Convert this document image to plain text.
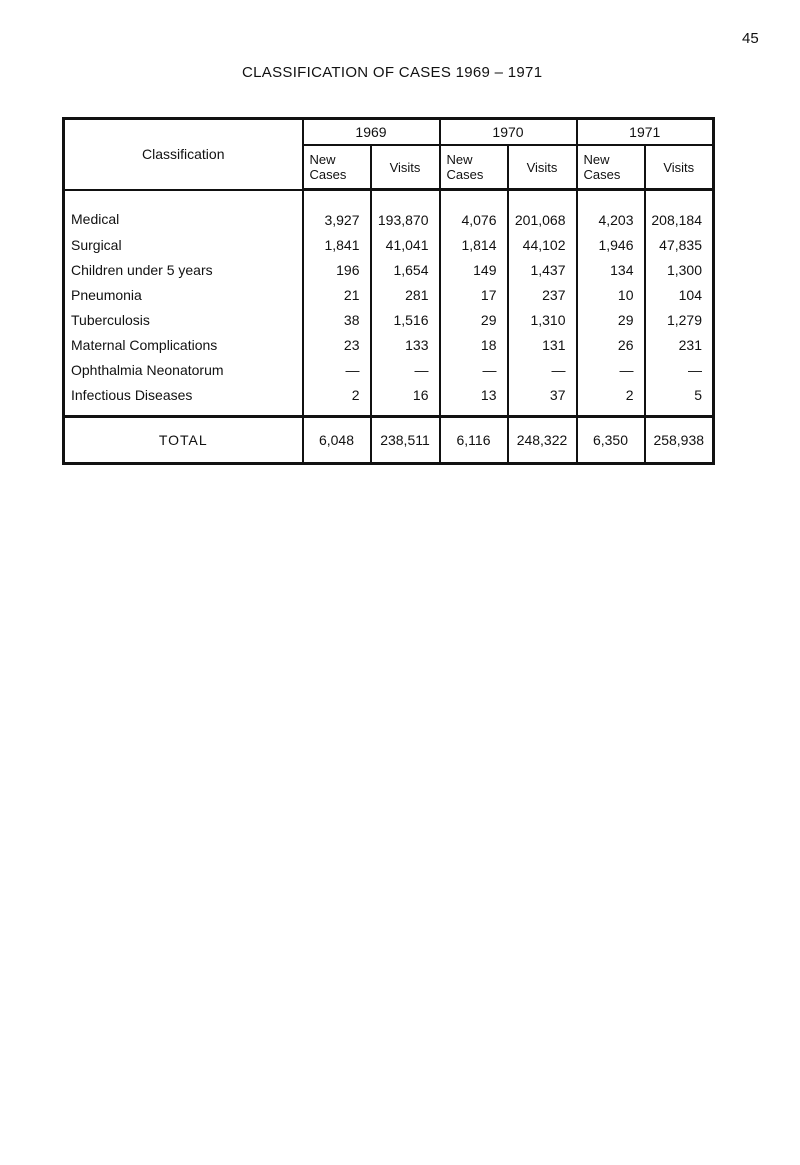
45
CLASSIFICATION OF CASES 1969 – 1971
Classification	1969		1970		1971	
	New Cases	Visits	New Cases	Visits	New Cases	Visits
Medical	3,927	193,870	4,076	201,068	4,203	208,184
Surgical	1,841	41,041	1,814	44,102	1,946	47,835
Children under 5 years	196	1,654	149	1,437	134	1,300
Pneumonia	21	281	17	237	10	104
Tuberculosis	38	1,516	29	1,310	29	1,279
Maternal Complications	23	133	18	131	26	231
Ophthalmia Neonatorum	—	—	—	—	—	—
Infectious Diseases	2	16	13	37	2	5
TOTAL	6,048	238,511	6,116	248,322	6,350	258,938
